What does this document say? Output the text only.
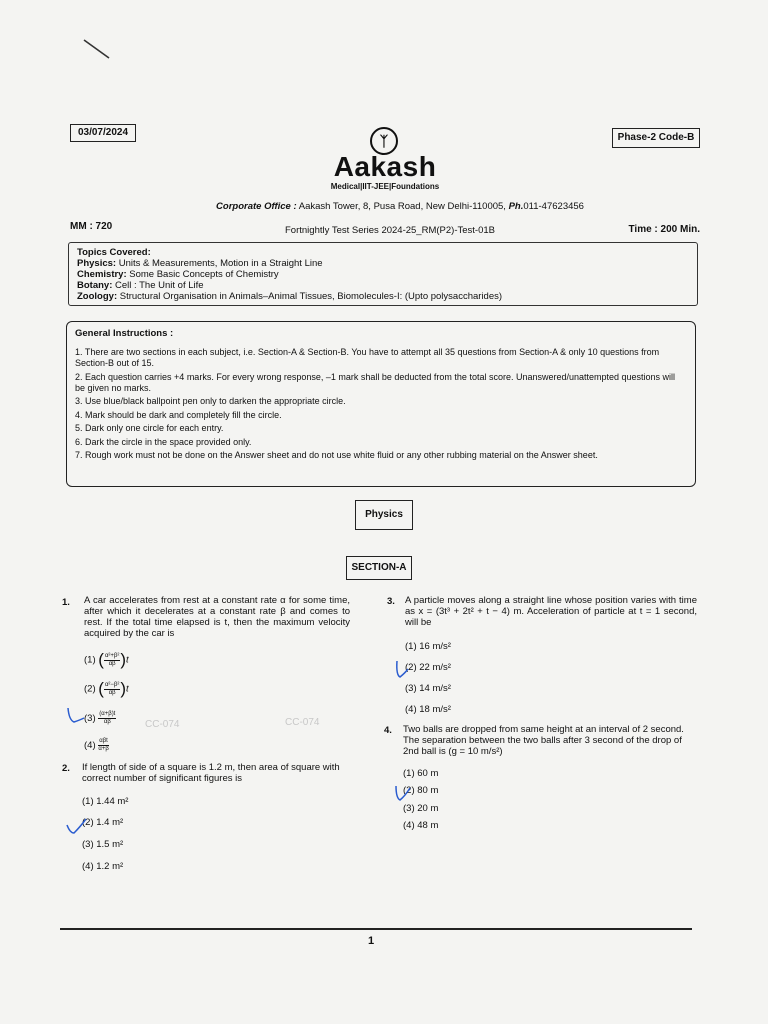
03/07/2024	Phase-2 Code-B
ᛉ
Aakash
Medical|IIT-JEE|Foundations
Corporate Office : Aakash Tower, 8, Pusa Road, New Delhi-110005, Ph.011-47623456
MM : 720	Fortnightly Test Series 2024-25_RM(P2)-Test-01B	Time : 200 Min.
Topics Covered:
Physics: Units & Measurements, Motion in a Straight Line
Chemistry: Some Basic Concepts of Chemistry
Botany: Cell : The Unit of Life
Zoology: Structural Organisation in Animals–Animal Tissues, Biomolecules-I: (Upto polysaccharides)
General Instructions :
1. There are two sections in each subject, i.e. Section-A & Section-B. You have to attempt all 35 questions from Section-A & only 10 questions from Section-B out of 15.
2. Each question carries +4 marks. For every wrong response, –1 mark shall be deducted from the total score. Unanswered/unattempted questions will be given no marks.
3. Use blue/black ballpoint pen only to darken the appropriate circle.
4. Mark should be dark and completely fill the circle.
5. Dark only one circle for each entry.
6. Dark the circle in the space provided only.
7. Rough work must not be done on the Answer sheet and do not use white fluid or any other rubbing material on the Answer sheet.
Physics
SECTION-A
1. A car accelerates from rest at a constant rate α for some time, after which it decelerates at a constant rate β and comes to rest. If the total time elapsed is t, then the maximum velocity acquired by the car is
(1) ( $\frac{\text{α²+β²}}{\alpha\beta} )t$
(2) ( $\frac{\text{α²−β²}}{\alpha\beta} )t$
$(3) \frac{(\alpha+\beta)t}{\alpha\beta}$
$(4) \frac{\text{αβt}}{\alpha+\beta}$
2. If length of side of a square is 1.2 m, then area of square with correct number of significant figures is
(1) 1.44 m²
(2) 1.4 m²
(3) 1.5 m²
(4) 1.2 m²
3. A particle moves along a straight line whose position varies with time as x = (3t³ + 2t² + t − 4) m. Acceleration of particle at t = 1 second, will be
(1) 16 m/s²
(2) 22 m/s²
(3) 14 m/s²
(4) 18 m/s²
4. Two balls are dropped from same height at an interval of 2 second. The separation between the two balls after 3 second of the drop of 2nd ball is (g = 10 m/s²)
(1) 60 m
(2) 80 m
(3) 20 m
(4) 48 m
CC-074	CC-074
1
